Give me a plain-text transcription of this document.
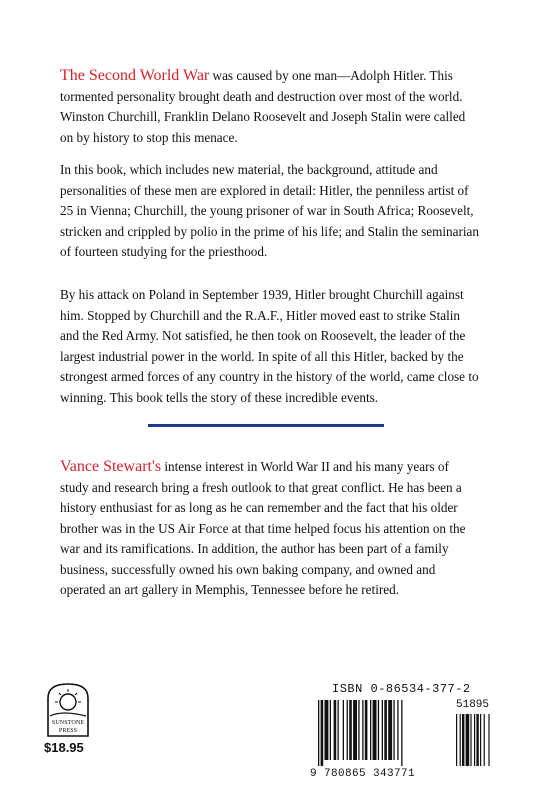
The Second World War was caused by one man—Adolph Hitler. This tormented personality brought death and destruction over most of the world. Winston Churchill, Franklin Delano Roosevelt and Joseph Stalin were called on by history to stop this menace.

In this book, which includes new material, the background, attitude and personalities of these men are explored in detail: Hitler, the penniless artist of 25 in Vienna; Churchill, the young prisoner of war in South Africa; Roosevelt, stricken and crippled by polio in the prime of his life; and Stalin the seminarian of fourteen studying for the priesthood.

By his attack on Poland in September 1939, Hitler brought Churchill against him. Stopped by Churchill and the R.A.F., Hitler moved east to strike Stalin and the Red Army. Not satisfied, he then took on Roosevelt, the leader of the largest industrial power in the world. In spite of all this Hitler, backed by the strongest armed forces of any country in the history of the world, came close to winning. This book tells the story of these incredible events.

Vance Stewart's intense interest in World War II and his many years of study and research bring a fresh outlook to that great conflict. He has been a history enthusiast for as long as he can remember and the fact that his older brother was in the US Air Force at that time helped focus his attention on the war and its ramifications. In addition, the author has been part of a family business, successfully owned his own baking company, and owned and operated an art gallery in Memphis, Tennessee before he retired.

SUNSTONE
PRESS
$18.95
ISBN 0-86534-377-2
51895
9 780865 343771
